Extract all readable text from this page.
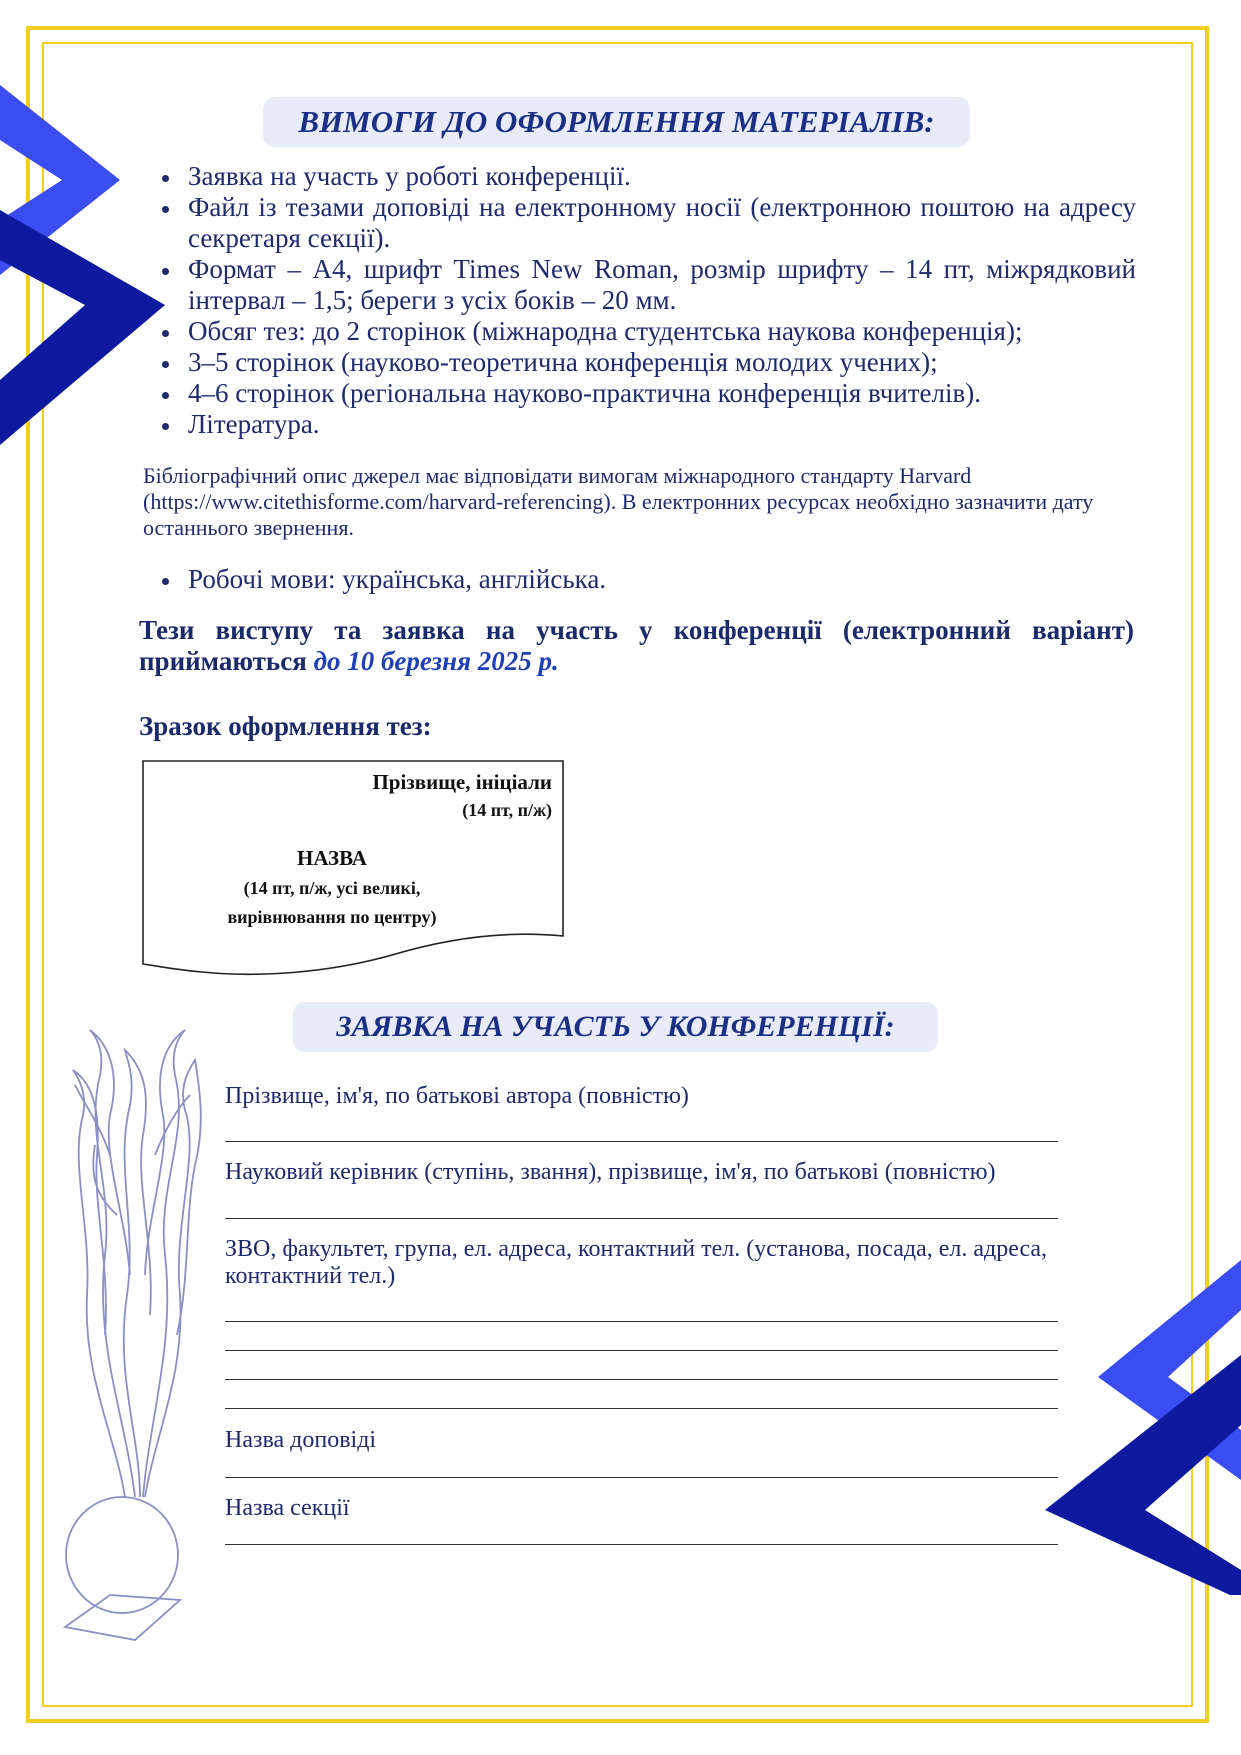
ВИМОГИ ДО ОФОРМЛЕННЯ МАТЕРІАЛІВ:
Заявка на участь у роботі конференції.
Файл із тезами доповіді на електронному носії (електронною поштою на адресу секретаря секції).
Формат – А4, шрифт Times New Roman, розмір шрифту – 14 пт, міжрядковий інтервал – 1,5; береги з усіх боків – 20 мм.
Обсяг тез: до 2 сторінок (міжнародна студентська наукова конференція);
3–5 сторінок (науково-теоретична конференція молодих учених);
4–6 сторінок (регіональна науково-практична конференція вчителів).
Література.
Бібліографічний опис джерел має відповідати вимогам міжнародного стандарту Harvard (https://www.citethisforme.com/harvard-referencing). В електронних ресурсах необхідно зазначити дату останнього звернення.
Робочі мови: українська, англійська.
Тези виступу та заявка на участь у конференції (електронний варіант) приймаються до 10 березня 2025 р.
Зразок оформлення тез:
Прізвище, ініціали
(14 пт, п/ж)
НАЗВА
(14 пт, п/ж, усі великі,
вирівнювання по центру)
ЗАЯВКА НА УЧАСТЬ У КОНФЕРЕНЦІЇ:
Прізвище, ім'я, по батькові автора (повністю)
Науковий керівник (ступінь, звання), прізвище, ім'я, по батькові (повністю)
ЗВО, факультет, група, ел. адреса, контактний тел. (установа, посада, ел. адреса, контактний тел.)
Назва доповіді
Назва секції
